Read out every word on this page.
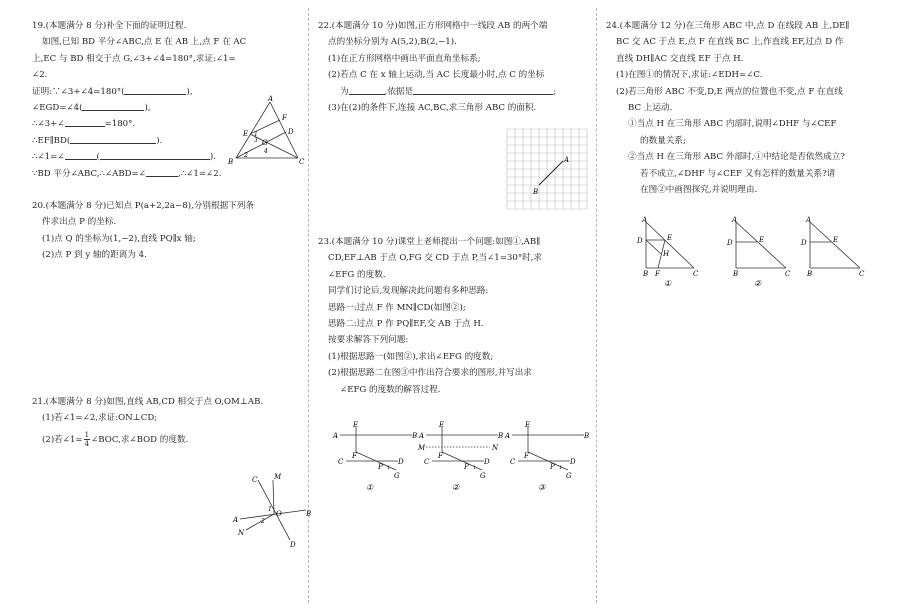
19.(本题满分 8 分)补全下面的证明过程.
如图,已知 BD 平分∠ABC,点 E 在 AB 上,点 F 在 AC
上,EC 与 BD 相交于点 G,∠3+∠4=180°,求证:∠1=
∠2.
证明:∵∠3+∠4=180°(	),
∠EGD=∠4(	),
∴∠3+∠	=180°.
∴EF∥BD(	).
∴∠1=∠	(	).
∵BD 平分∠ABC,∴∠ABD=∠	,∴∠1=∠2.
A
B	C
D
E
F
G
1
2
3
4
20.(本题满分 8 分)已知点 P(a+2,2a−8),分别根据下列条
件求出点 P 的坐标.
(1)点 Q 的坐标为(1,−2),直线 PQ∥x 轴;
(2)点 P 到 y 轴的距离为 4.
21.(本题满分 8 分)如图,直线 AB,CD 相交于点 O,OM⊥AB.
(1)若∠1=∠2,求证:ON⊥CD;
(2)若∠1= $\frac{1}{4}$ ∠BOC,求∠BOD 的度数.
C M
A
B
O
N
D
1
2
22.(本题满分 10 分)如图,正方形网格中一线段 AB 的两个端
点的坐标分别为 A(5,2),B(2,−1).
(1)在正方形网格中画出平面直角坐标系;
(2)若点 C 在 x 轴上运动,当 AC 长度最小时,点 C 的坐标
为	,依据是	;
(3)在(2)的条件下,连接 AC,BC,求三角形 ABC 的面积.
A
B
23.(本题满分 10 分)课堂上老师提出一个问题:如图①,AB∥
CD,EF⊥AB 于点 O,FG 交 CD 于点 P,当∠1=30°时,求
∠EFG 的度数.
同学们讨论后,发现解决此问题有多种思路:
思路一:过点 F 作 MN∥CD(如图②);
思路二:过点 P 作 PQ∥EF,交 AB 于点 H.
按要求解答下列问题:
(1)根据思路一(如图②),求出∠EFG 的度数;
(2)根据思路二在图③中作出符合要求的图形,并写出求
∠EFG 的度数的解答过程.
E
A	B
F
C
P
D
G
1
①
E
A	B
M	N
F
C
P
D
G
1
②
E
A	B
F
C
P
D
G
1
③
24.(本题满分 12 分)在三角形 ABC 中,点 D 在线段 AB 上,DE∥
BC 交 AC 于点 E,点 F 在直线 BC 上,作直线 EF,过点 D 作
直线 DH∥AC 交直线 EF 于点 H.
(1)在图①的情况下,求证:∠EDH=∠C.
(2)若三角形 ABC 不变,D,E 两点的位置也不变,点 F 在直线
BC 上运动.
①当点 H 在三角形 ABC 内部时,说明∠DHF 与∠CEF
的数量关系;
②当点 H 在三角形 ABC 外部时,①中结论是否依然成立?
若不成立,∠DHF 与∠CEF 又有怎样的数量关系?请
在图②中画图探究,并说明理由.
A
D	E
H
B F	C
①
A
D	E
B	C
②
A
D	E
B	C
